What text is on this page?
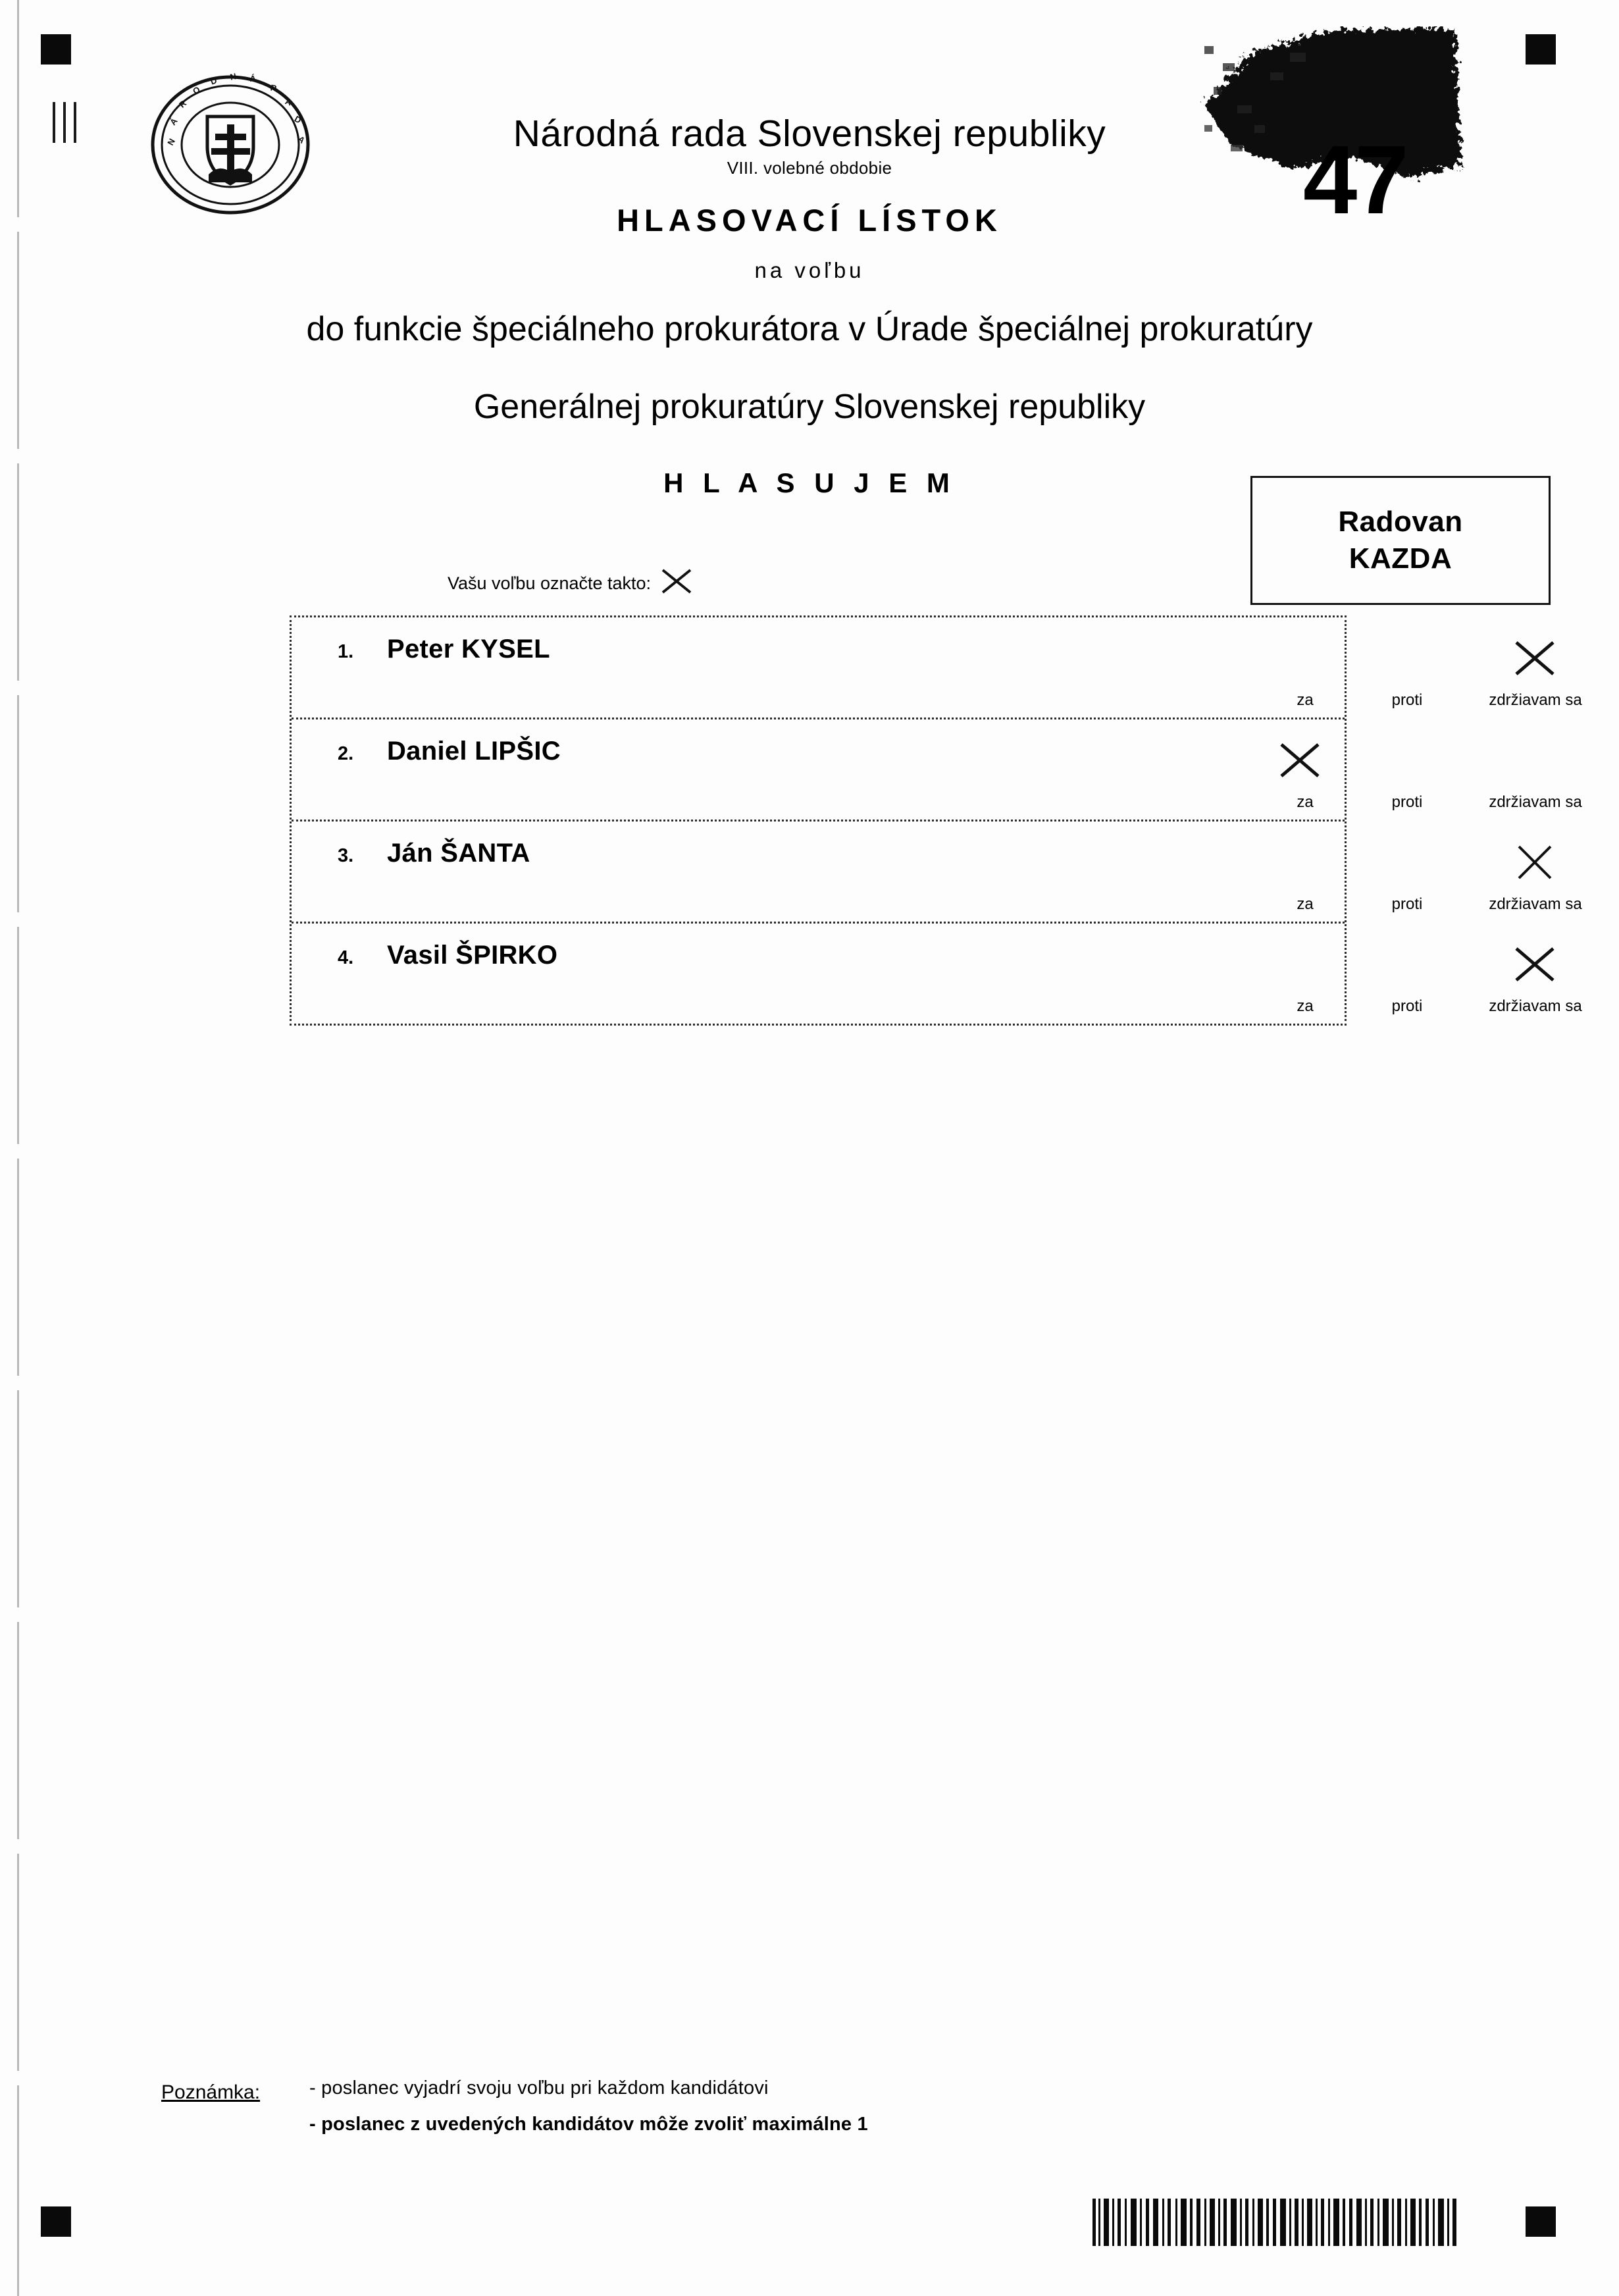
N
Á
R
O
D N Á
R
A
D
A	47
Národná rada Slovenskej republiky
VIII. volebné obdobie
HLASOVACÍ LÍSTOK
na voľbu
do funkcie špeciálneho prokurátora v Úrade špeciálnej prokuratúry
Generálnej prokuratúry Slovenskej republiky
H L A S U J E M
Vašu voľbu označte takto:
Radovan
KAZDA
1. Peter KYSEL
za	proti	zdržiavam sa
2. Daniel LIPŠIC
za	proti	zdržiavam sa
3. Ján ŠANTA
za	proti	zdržiavam sa
4. Vasil ŠPIRKO
za	proti	zdržiavam sa
Poznámka:	- poslanec vyjadrí svoju voľbu pri každom kandidátovi
- poslanec z uvedených kandidátov môže zvoliť maximálne 1
